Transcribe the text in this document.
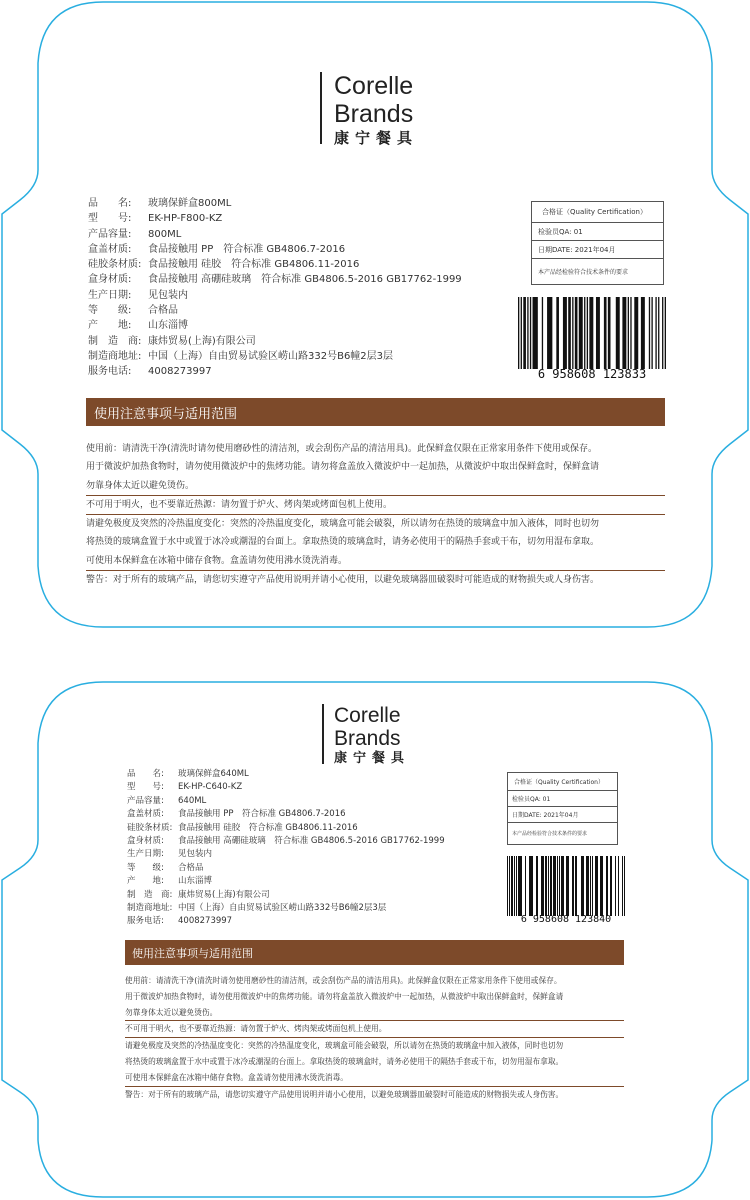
Corelle
Brands
康宁餐具
品　　名:	玻璃保鲜盒800ML
型　　号:	EK-HP-F800-KZ
产品容量:	800ML
盒盖材质:	食品接触用 PP　符合标准 GB4806.7-2016
硅胶条材质: 食品接触用 硅胶　符合标准 GB4806.11-2016
盒身材质:	食品接触用 高硼硅玻璃　符合标准 GB4806.5-2016 GB17762-1999
生产日期:	见包装内
等　　级:	合格品
产　　地:	山东淄博
制　造　商: 康炜贸易(上海)有限公司
制造商地址: 中国（上海）自由贸易试验区崂山路332号B6幢2层3层
服务电话:	4008273997
合格证（Quality Certification）
检验员QA: 01
日期DATE: 2021年04月
本产品经检验符合技术条件的要求
6 958608 123833
使用注意事项与适用范围
使用前：请清洗干净(清洗时请勿使用磨砂性的清洁剂，或会刮伤产品的清洁用具)。此保鲜盒仅限在正常家用条件下使用或保存。
用于微波炉加热食物时，请勿使用微波炉中的焦烤功能。请勿将盒盖放入微波炉中一起加热，从微波炉中取出保鲜盒时，保鲜盒请
勿靠身体太近以避免烫伤。
不可用于明火，也不要靠近热源：请勿置于炉火、烤肉架或烤面包机上使用。
请避免极度及突然的冷热温度变化：突然的冷热温度变化，玻璃盒可能会破裂，所以请勿在热烫的玻璃盒中加入液体，同时也切勿
将热烫的玻璃盒置于水中或置于冰冷或潮湿的台面上。拿取热烫的玻璃盒时，请务必使用干的隔热手套或干布，切勿用湿布拿取。
可使用本保鲜盒在冰箱中储存食物。盒盖请勿使用沸水烫洗消毒。
警告：对于所有的玻璃产品，请您切实遵守产品使用说明并请小心使用，以避免玻璃器皿破裂时可能造成的财物损失或人身伤害。
Corelle
Brands
康宁餐具
品　　名:	玻璃保鲜盒640ML
型　　号:	EK-HP-C640-KZ
产品容量:	640ML
盒盖材质:	食品接触用 PP　符合标准 GB4806.7-2016
硅胶条材质: 食品接触用 硅胶　符合标准 GB4806.11-2016
盒身材质:	食品接触用 高硼硅玻璃　符合标准 GB4806.5-2016 GB17762-1999
生产日期:	见包装内
等　　级:	合格品
产　　地:	山东淄博
制　造　商: 康炜贸易(上海)有限公司
制造商地址: 中国（上海）自由贸易试验区崂山路332号B6幢2层3层
服务电话:	4008273997
合格证（Quality Certification）
检验员QA: 01
日期DATE: 2021年04月
本产品经检验符合技术条件的要求
6 958608 123840
使用注意事项与适用范围
使用前：请清洗干净(清洗时请勿使用磨砂性的清洁剂，或会刮伤产品的清洁用具)。此保鲜盒仅限在正常家用条件下使用或保存。
用于微波炉加热食物时，请勿使用微波炉中的焦烤功能。请勿将盒盖放入微波炉中一起加热，从微波炉中取出保鲜盒时，保鲜盒请
勿靠身体太近以避免烫伤。
不可用于明火，也不要靠近热源：请勿置于炉火、烤肉架或烤面包机上使用。
请避免极度及突然的冷热温度变化：突然的冷热温度变化，玻璃盒可能会破裂，所以请勿在热烫的玻璃盒中加入液体，同时也切勿
将热烫的玻璃盒置于水中或置于冰冷或潮湿的台面上。拿取热烫的玻璃盒时，请务必使用干的隔热手套或干布，切勿用湿布拿取。
可使用本保鲜盒在冰箱中储存食物。盒盖请勿使用沸水烫洗消毒。
警告：对于所有的玻璃产品，请您切实遵守产品使用说明并请小心使用，以避免玻璃器皿破裂时可能造成的财物损失或人身伤害。
